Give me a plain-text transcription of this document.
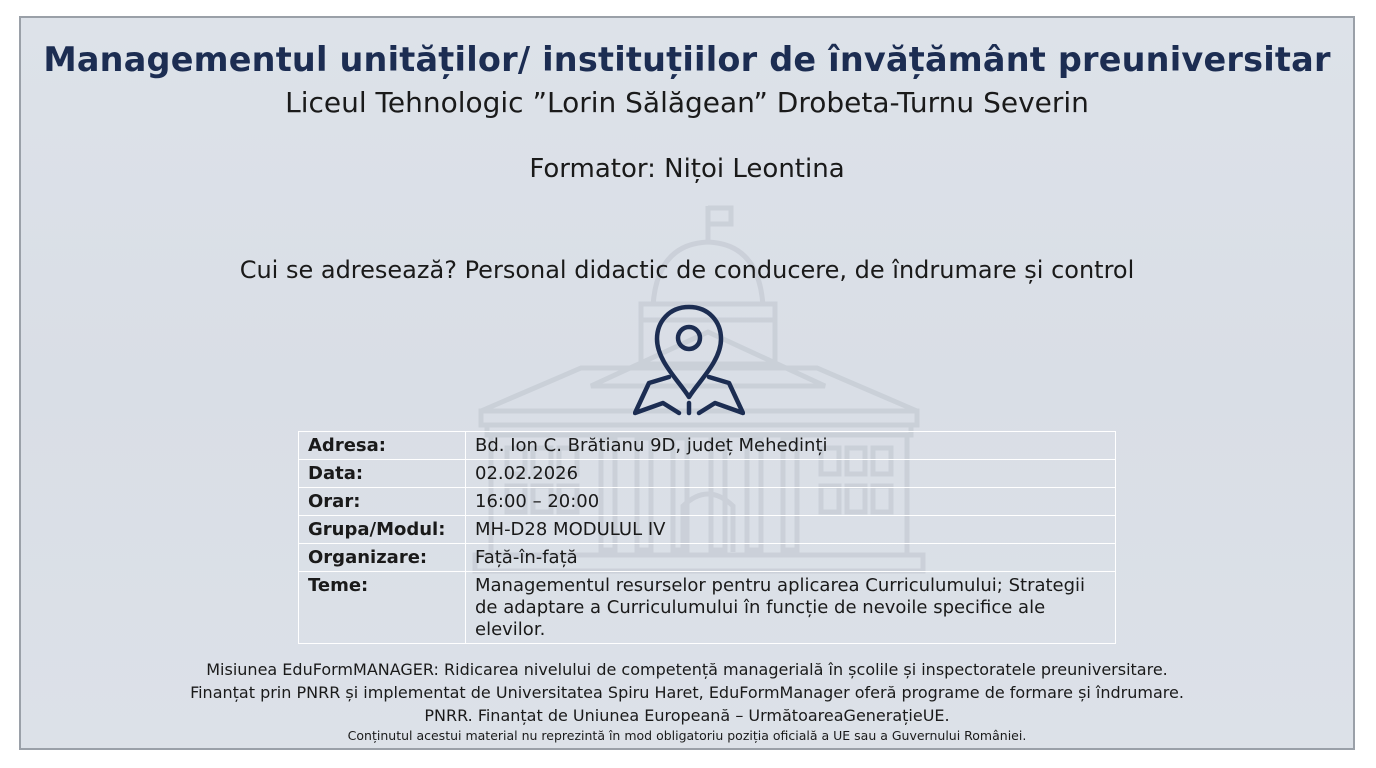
Managementul unităților/ instituțiilor de învățământ preuniversitar
Liceul Tehnologic ”Lorin Sălăgean” Drobeta-Turnu Severin
Formator: Nițoi Leontina
Cui se adresează? Personal didactic de conducere, de îndrumare și control
Adresa:	Bd. Ion C. Brătianu 9D, județ Mehedinți
Data:	02.02.2026
Orar:	16:00 – 20:00
Grupa/Modul:	MH-D28 MODULUL IV
Organizare:	Față-în-față
Teme:	Managementul resurselor pentru aplicarea Curriculumului; Strategii de adaptare a Curriculumului în funcție de nevoile specifice ale elevilor.
Misiunea EduFormMANAGER: Ridicarea nivelului de competență managerială în școlile și inspectoratele preuniversitare.
Finanțat prin PNRR și implementat de Universitatea Spiru Haret, EduFormManager oferă programe de formare și îndrumare.
PNRR. Finanțat de Uniunea Europeană – UrmătoareaGenerațieUE.
Conținutul acestui material nu reprezintă în mod obligatoriu poziția oficială a UE sau a Guvernului României.
